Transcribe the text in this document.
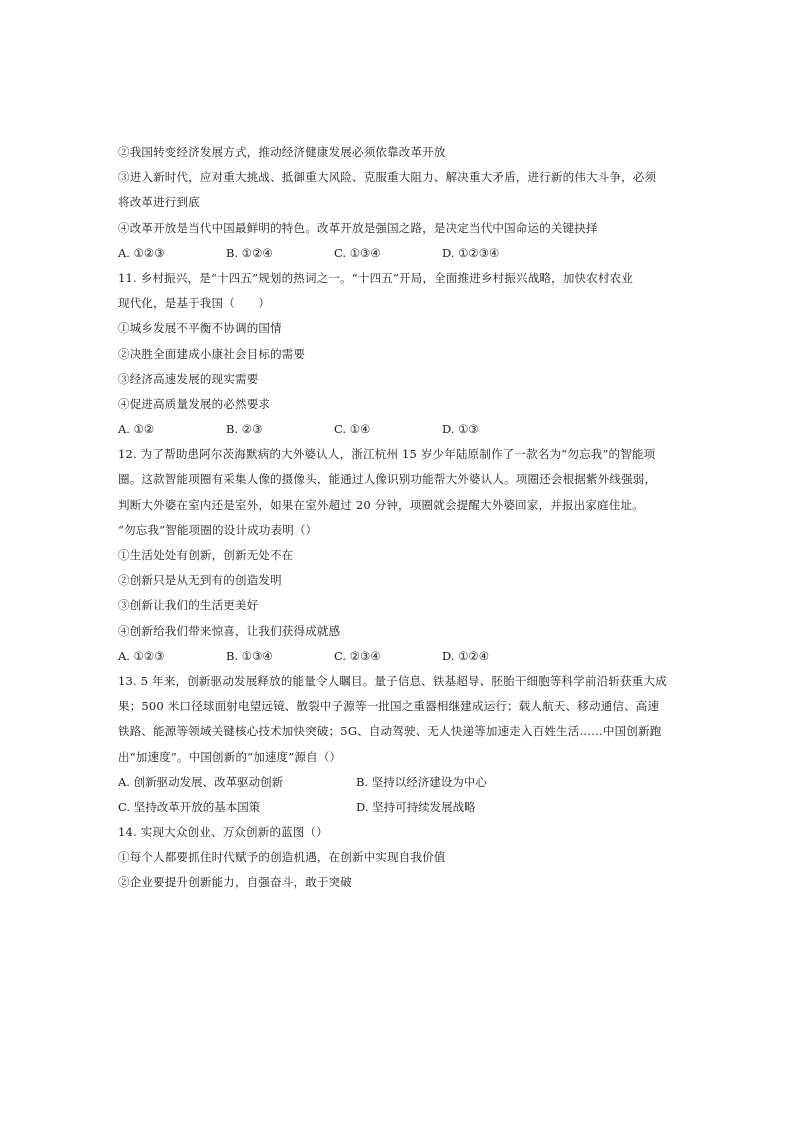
②我国转变经济发展方式，推动经济健康发展必须依靠改革开放
③进入新时代，应对重大挑战、抵御重大风险、克服重大阻力、解决重大矛盾，进行新的伟大斗争，必须
将改革进行到底
④改革开放是当代中国最鲜明的特色。改革开放是强国之路，是决定当代中国命运的关键抉择
A. ①②③	B. ①②④	C. ①③④	D. ①②③④
11. 乡村振兴，是“十四五”规划的热词之一。“十四五”开局，全面推进乡村振兴战略，加快农村农业
现代化，是基于我国（　　）
①城乡发展不平衡不协调的国情
②决胜全面建成小康社会目标的需要
③经济高速发展的现实需要
④促进高质量发展的必然要求
A. ①②	B. ②③	C. ①④	D. ①③
12. 为了帮助患阿尔茨海默病的大外婆认人，浙江杭州 15 岁少年陆原制作了一款名为“勿忘我”的智能项
圈。这款智能项圈有采集人像的摄像头，能通过人像识别功能帮大外婆认人。项圈还会根据紫外线强弱，
判断大外婆在室内还是室外，如果在室外超过 20 分钟，项圈就会提醒大外婆回家，并报出家庭住址。
“勿忘我”智能项圈的设计成功表明（）
①生活处处有创新，创新无处不在
②创新只是从无到有的创造发明
③创新让我们的生活更美好
④创新给我们带来惊喜，让我们获得成就感
A. ①②③	B. ①③④	C. ②③④	D. ①②④
13. 5 年来，创新驱动发展释放的能量令人瞩目。量子信息、铁基超导、胚胎干细胞等科学前沿斩获重大成
果；500 米口径球面射电望远镜、散裂中子源等一批国之重器相继建成运行；载人航天、移动通信、高速
铁路、能源等领域关键核心技术加快突破；5G、自动驾驶、无人快递等加速走入百姓生活……中国创新跑
出“加速度”。中国创新的“加速度”源自（）
A. 创新驱动发展、改革驱动创新	B. 坚持以经济建设为中心
C. 坚持改革开放的基本国策	D. 坚持可持续发展战略
14. 实现大众创业、万众创新的蓝图（）
①每个人都要抓住时代赋予的创造机遇，在创新中实现自我价值
②企业要提升创新能力，自强奋斗，敢于突破
